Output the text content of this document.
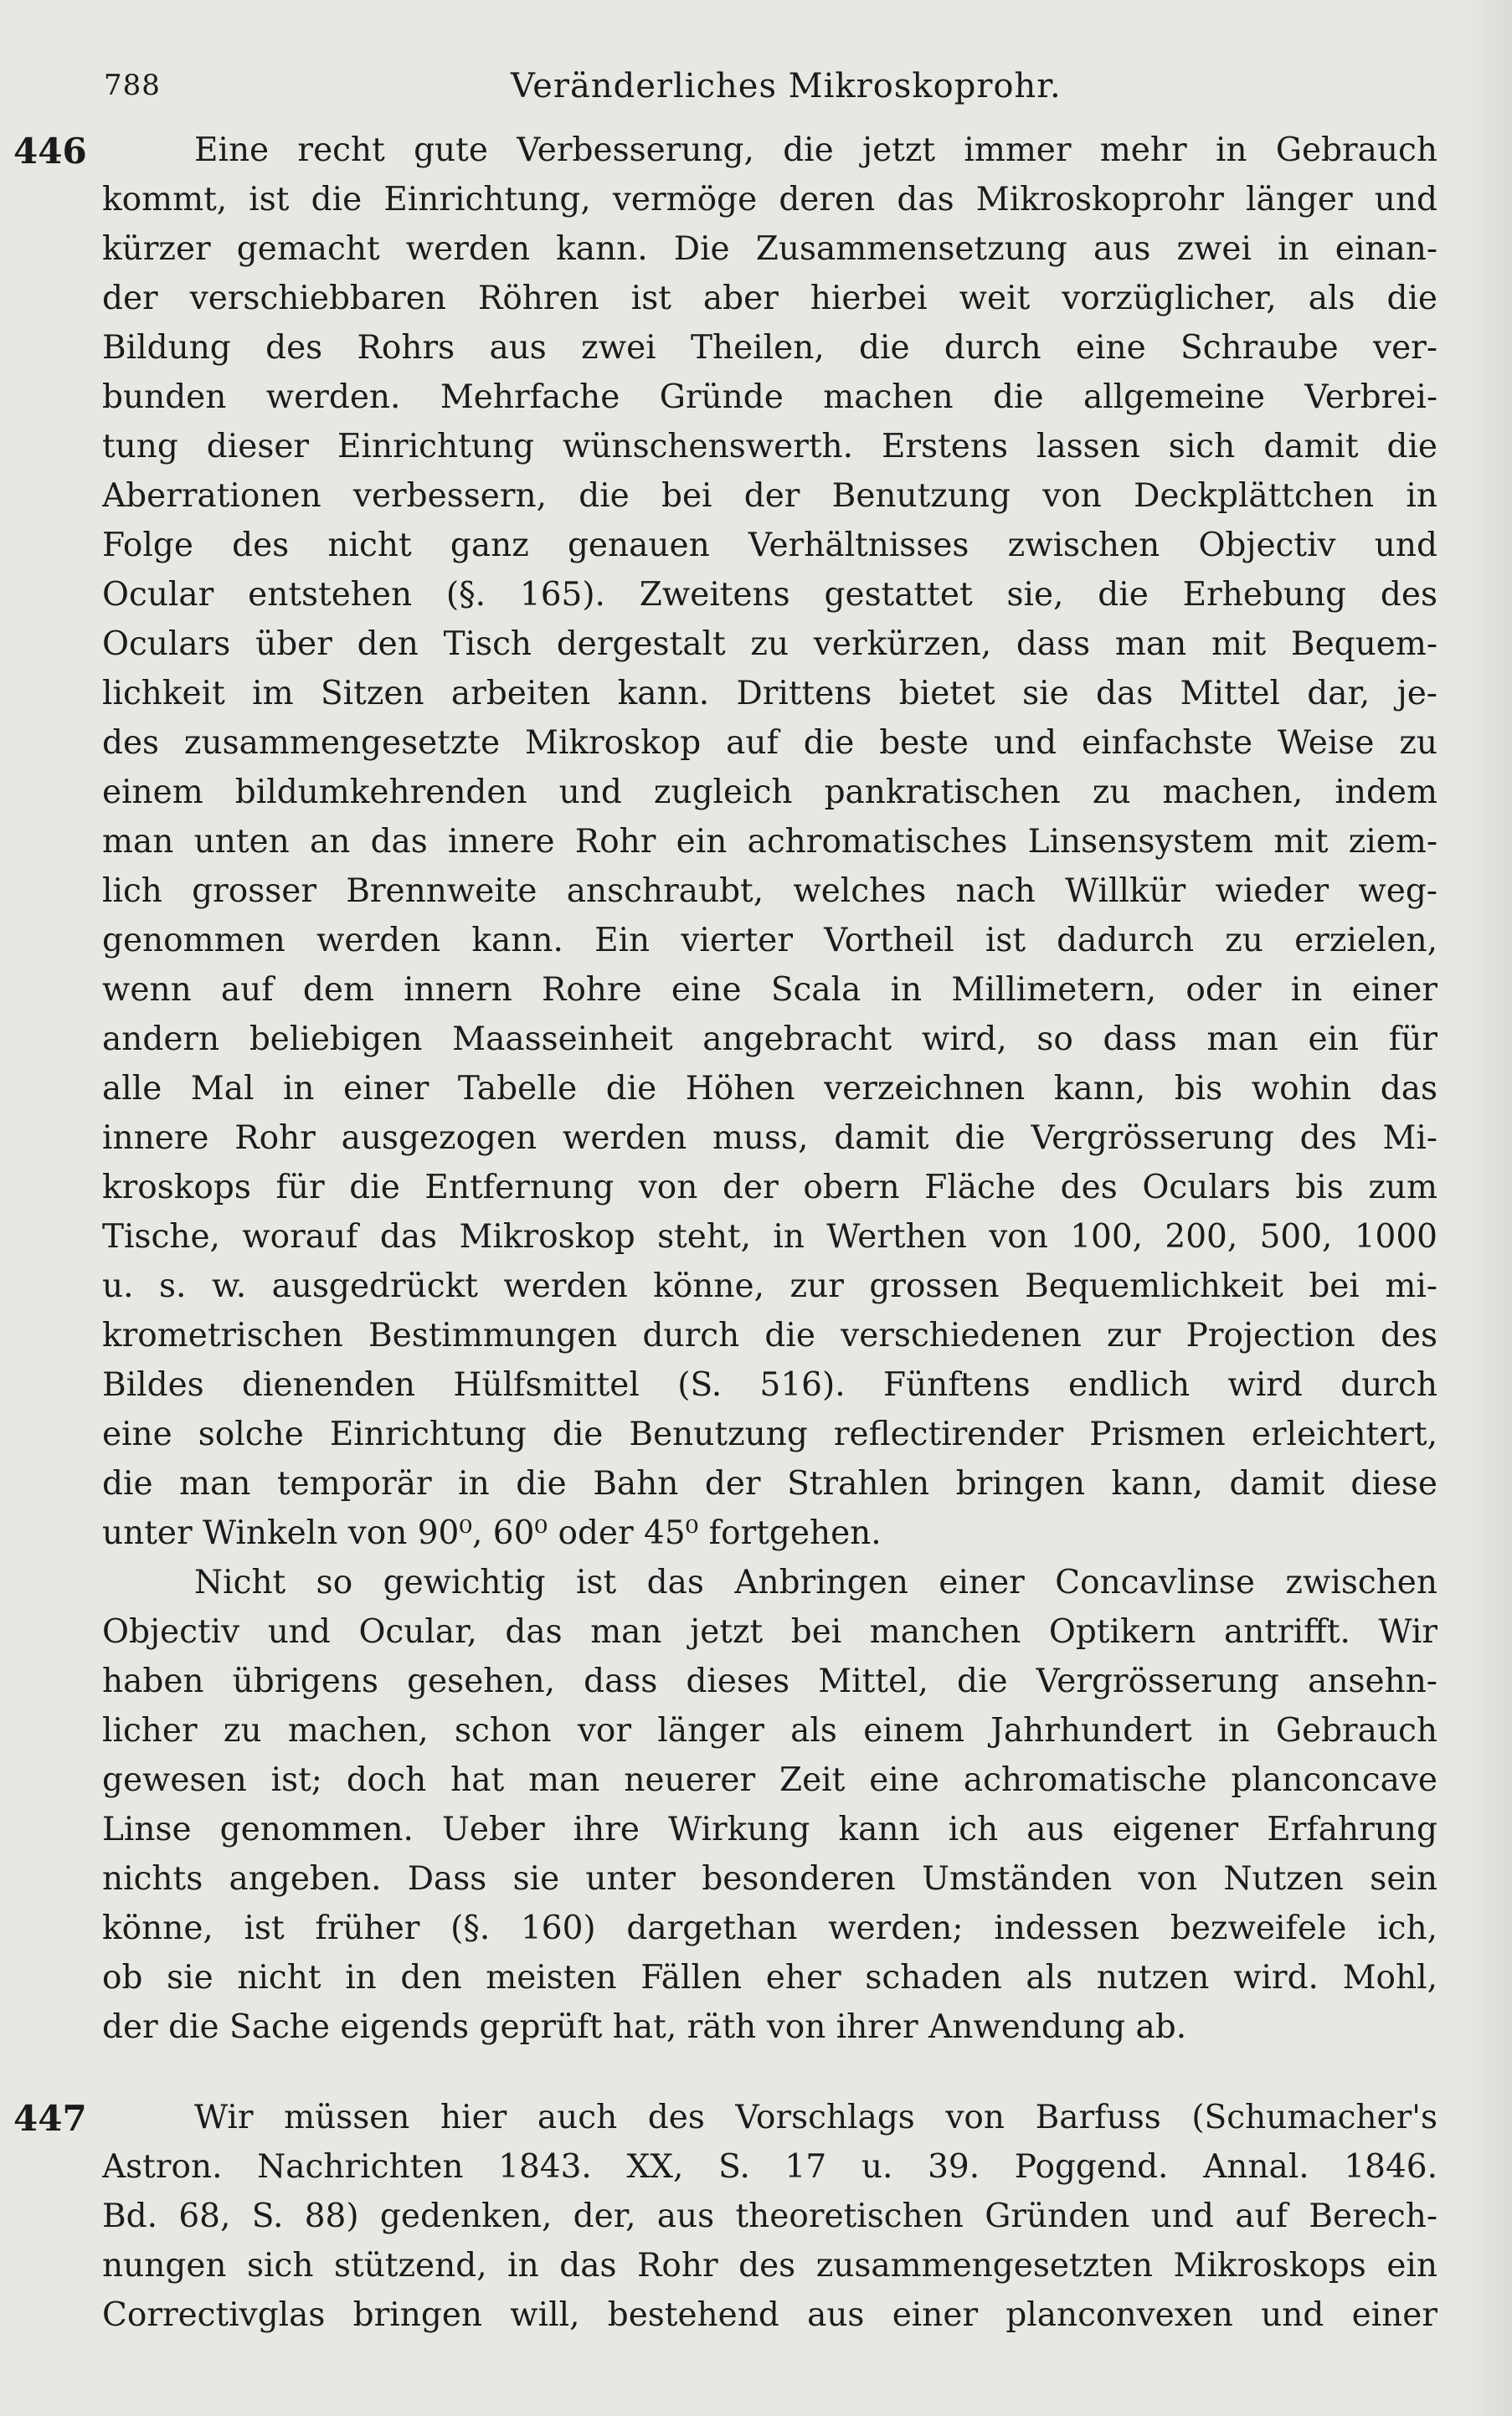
788	Veränderliches Mikroskoprohr.
446	Eine recht gute Verbesserung, die jetzt immer mehr in Gebrauch
kommt, ist die Einrichtung, vermöge deren das Mikroskoprohr länger und
kürzer gemacht werden kann. Die Zusammensetzung aus zwei in einan-
der verschiebbaren Röhren ist aber hierbei weit vorzüglicher, als die
Bildung des Rohrs aus zwei Theilen, die durch eine Schraube ver-
bunden werden. Mehrfache Gründe machen die allgemeine Verbrei-
tung dieser Einrichtung wünschenswerth. Erstens lassen sich damit die
Aberrationen verbessern, die bei der Benutzung von Deckplättchen in
Folge des nicht ganz genauen Verhältnisses zwischen Objectiv und
Ocular entstehen (§. 165). Zweitens gestattet sie, die Erhebung des
Oculars über den Tisch dergestalt zu verkürzen, dass man mit Bequem-
lichkeit im Sitzen arbeiten kann. Drittens bietet sie das Mittel dar, je-
des zusammengesetzte Mikroskop auf die beste und einfachste Weise zu
einem bildumkehrenden und zugleich pankratischen zu machen, indem
man unten an das innere Rohr ein achromatisches Linsensystem mit ziem-
lich grosser Brennweite anschraubt, welches nach Willkür wieder weg-
genommen werden kann. Ein vierter Vortheil ist dadurch zu erzielen,
wenn auf dem innern Rohre eine Scala in Millimetern, oder in einer
andern beliebigen Maasseinheit angebracht wird, so dass man ein für
alle Mal in einer Tabelle die Höhen verzeichnen kann, bis wohin das
innere Rohr ausgezogen werden muss, damit die Vergrösserung des Mi-
kroskops für die Entfernung von der obern Fläche des Oculars bis zum
Tische, worauf das Mikroskop steht, in Werthen von 100, 200, 500, 1000
u. s. w. ausgedrückt werden könne, zur grossen Bequemlichkeit bei mi-
krometrischen Bestimmungen durch die verschiedenen zur Projection des
Bildes dienenden Hülfsmittel (S. 516). Fünftens endlich wird durch
eine solche Einrichtung die Benutzung reflectirender Prismen erleichtert,
die man temporär in die Bahn der Strahlen bringen kann, damit diese
unter Winkeln von 90⁰, 60⁰ oder 45⁰ fortgehen.
Nicht so gewichtig ist das Anbringen einer Concavlinse zwischen
Objectiv und Ocular, das man jetzt bei manchen Optikern antrifft. Wir
haben übrigens gesehen, dass dieses Mittel, die Vergrösserung ansehn-
licher zu machen, schon vor länger als einem Jahrhundert in Gebrauch
gewesen ist; doch hat man neuerer Zeit eine achromatische planconcave
Linse genommen. Ueber ihre Wirkung kann ich aus eigener Erfahrung
nichts angeben. Dass sie unter besonderen Umständen von Nutzen sein
könne, ist früher (§. 160) dargethan werden; indessen bezweifele ich,
ob sie nicht in den meisten Fällen eher schaden als nutzen wird. Mohl,
der die Sache eigends geprüft hat, räth von ihrer Anwendung ab.
447	Wir müssen hier auch des Vorschlags von Barfuss (Schumacher's
Astron. Nachrichten 1843. XX, S. 17 u. 39. Poggend. Annal. 1846.
Bd. 68, S. 88) gedenken, der, aus theoretischen Gründen und auf Berech-
nungen sich stützend, in das Rohr des zusammengesetzten Mikroskops ein
Correctivglas bringen will, bestehend aus einer planconvexen und einer
